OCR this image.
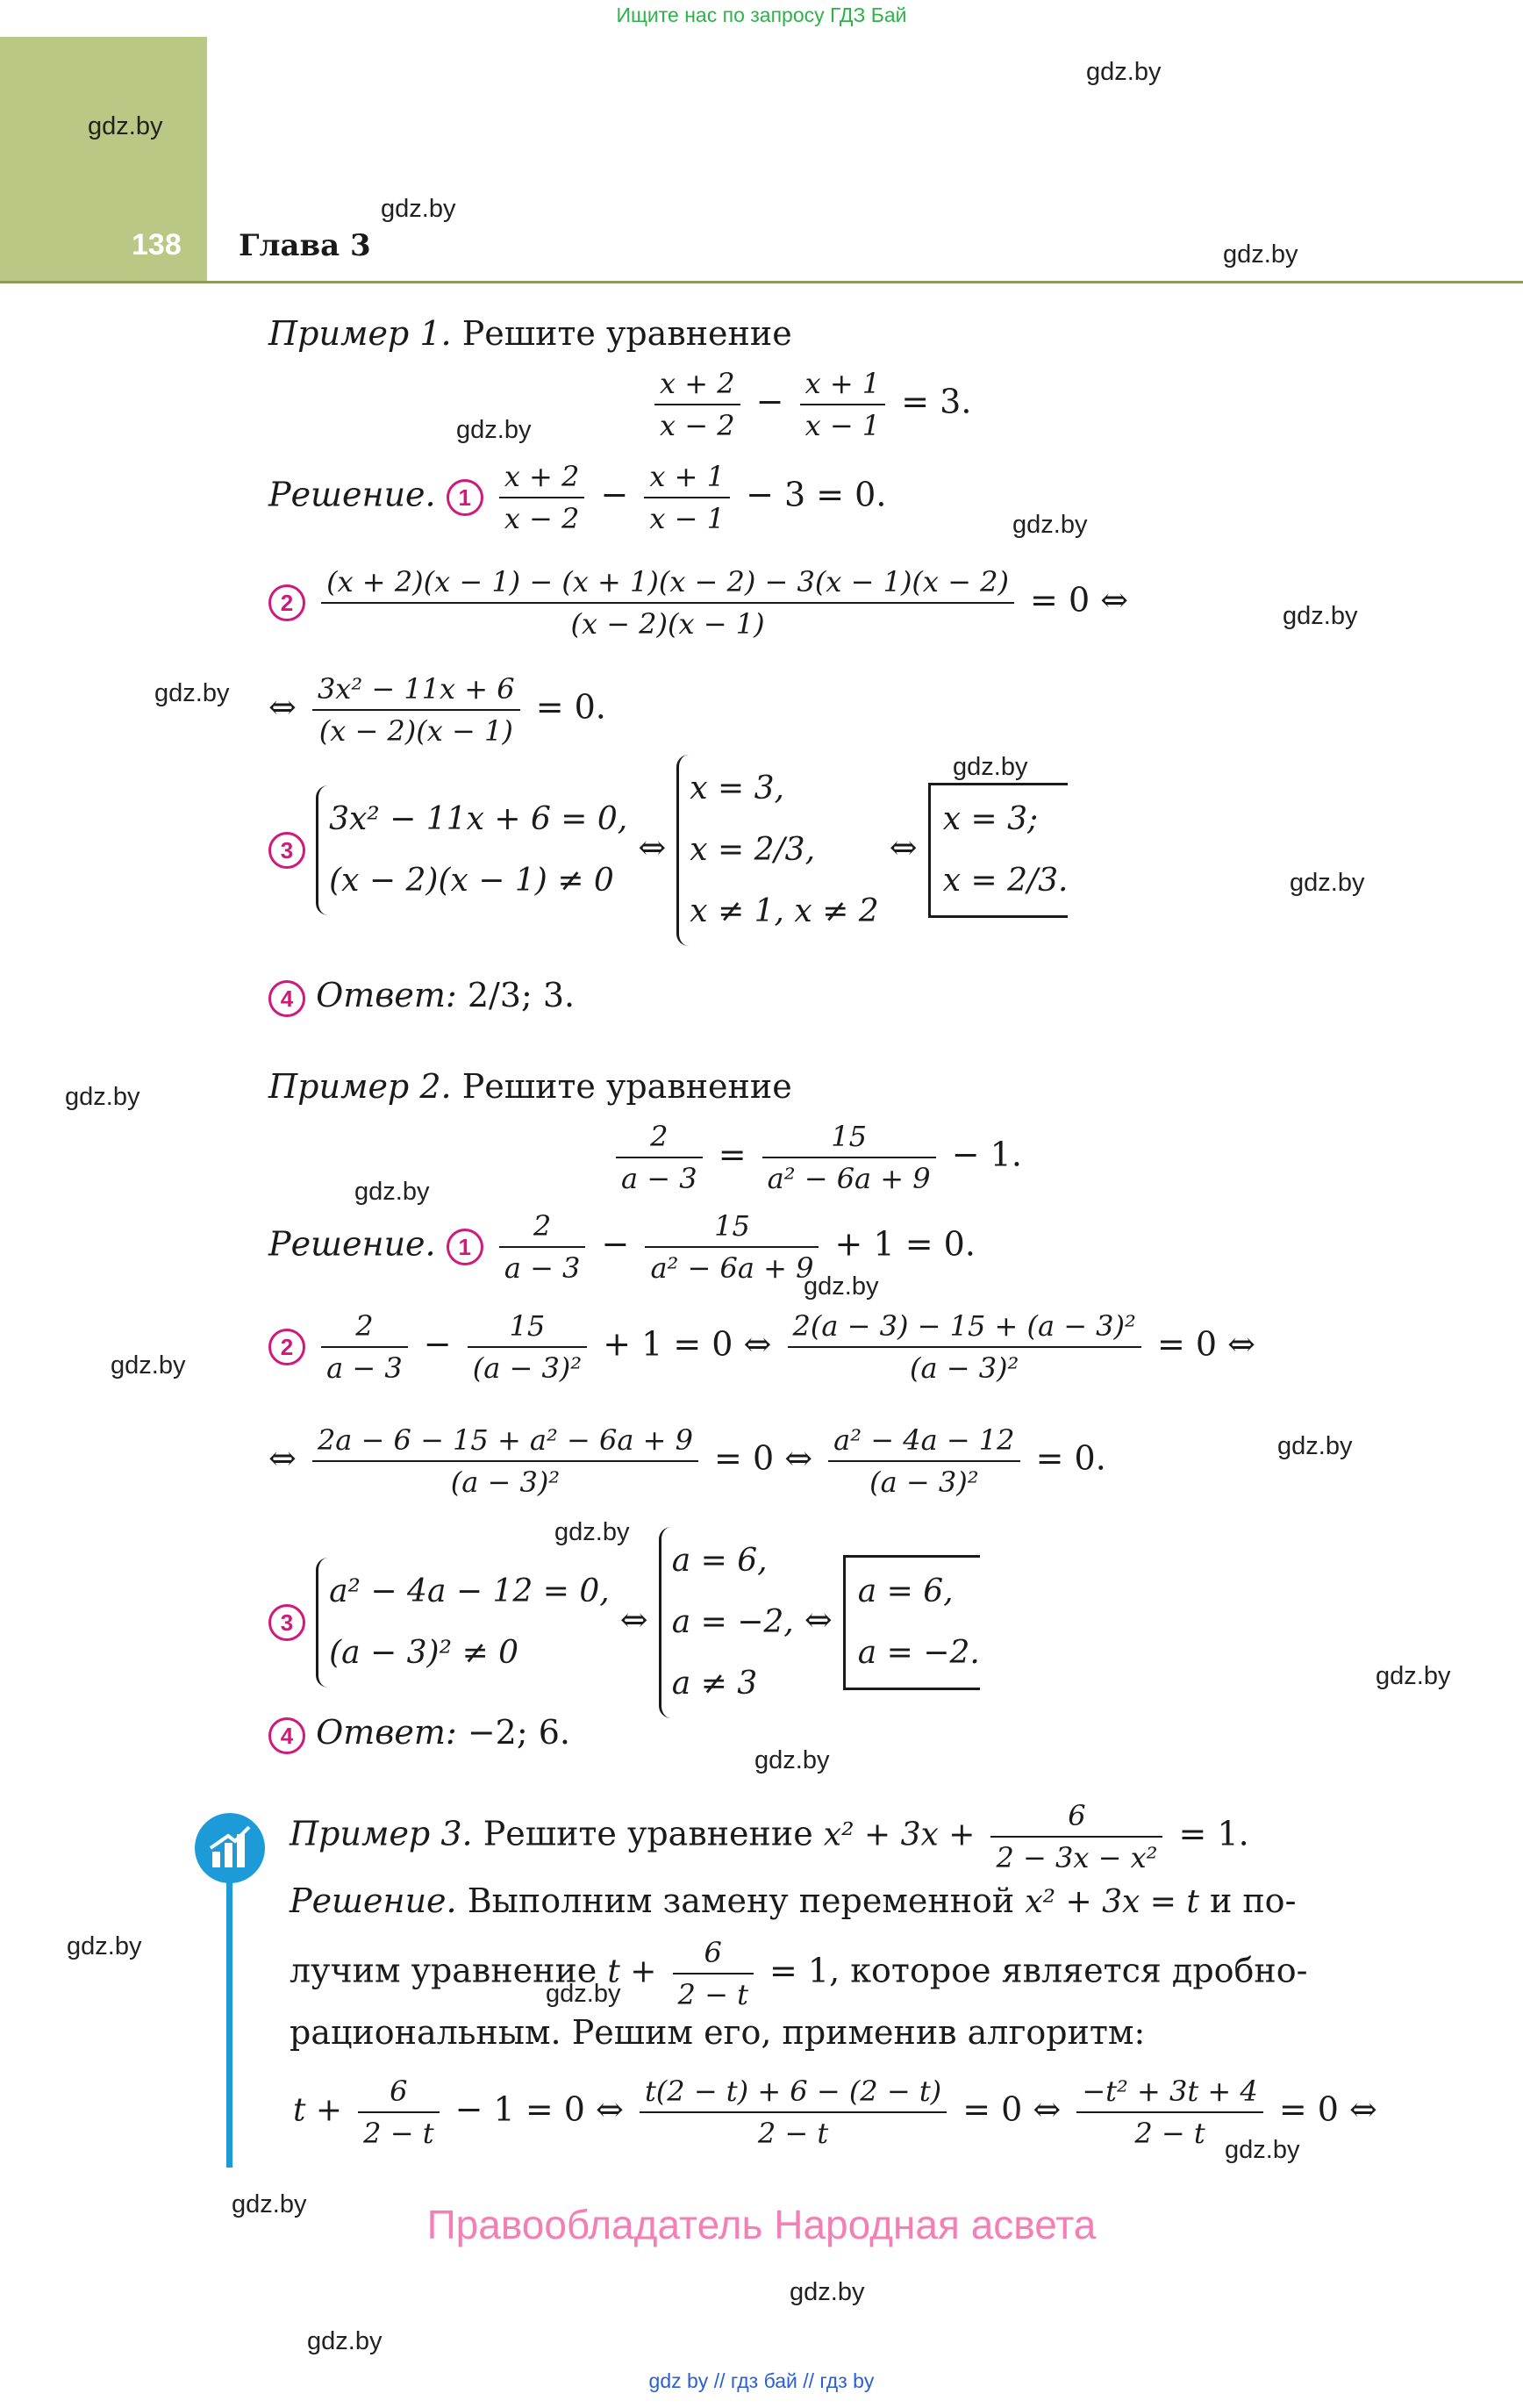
Ищите нас по запросу ГДЗ Бай
138 Глава 3
gdz.by
gdz.by
gdz.by
gdz.by
gdz.by
gdz.by
gdz.by
gdz.by
gdz.by
gdz.by
gdz.by
gdz.by
gdz.by
gdz.by
gdz.by
gdz.by
gdz.by
gdz.by
gdz.by
gdz.by
gdz.by
gdz.by
gdz.by
gdz.by
Пример 1. Решите уравнение
$\frac{x + 2}{x - 2} - \frac{x + 1}{x - 1} = 3$.
Решение. $1 \frac{x + 2}{x - 2} - \frac{x + 1}{x - 1} - 3 = 0$.
$2 \frac{(x + 2)(x - 1) - (x + 1)(x - 2) - 3(x - 1)(x - 2)}{(x - 2)(x - 1)} = 0$ ⇔
⇔ $\frac{\text{3x² − 11x + 6}}{(x - 2)(x - 1)} = 0$.
3
3x² − 11x + 6 = 0,
(x − 2)(x − 1) ≠ 0
⇔
x = 3,
x = 2/3,
x ≠ 1, x ≠ 2
⇔
x = 3;
x = 2/3.
4 Ответ: 2/3; 3.
Пример 2. Решите уравнение
$\frac{2}{a - 3} = \frac{15}{\text{a² − 6a + 9}} - 1$.
Решение. $1 \frac{2}{a - 3} - \frac{15}{\text{a² − 6a + 9}} + 1 = 0$.
$2 \frac{2}{a - 3} - \frac{15}{\text{(a − 3)²}} + 1 = 0$ ⇔ $\frac{\text{2(a − 3) − 15 + (a − 3)²}}{\text{(a − 3)²}} = 0$ ⇔
⇔ $\frac{\text{2a − 6 − 15 + a² − 6a + 9}}{\text{(a − 3)²}} = 0$ ⇔ $\frac{\text{a² − 4a − 12}}{\text{(a − 3)²}} = 0$.
3
a² − 4a − 12 = 0,
(a − 3)² ≠ 0
⇔
a = 6,
a = −2,
a ≠ 3
⇔
a = 6,
a = −2.
4 Ответ: −2; 6.
Пример 3. Решите уравнение $x^2 + 3x + \frac{6}{\text{2 − 3x − x²}} = 1$.
Решение. Выполним замену переменной x² + 3x = t и по-
лучим уравнение $t + \frac{6}{2 - t} = 1$, которое является дробно-
рациональным. Решим его, применив алгоритм:
$t + \frac{6}{2 - t} - 1 = 0$ ⇔ $\frac{t(2 - t) + 6 - (2 - t)}{2 - t} = 0$ ⇔ $\frac{\text{−t² + 3t + 4}}{2 - t} = 0$ ⇔
Правообладатель Народная асвета
gdz by // гдз бай // гдз by
